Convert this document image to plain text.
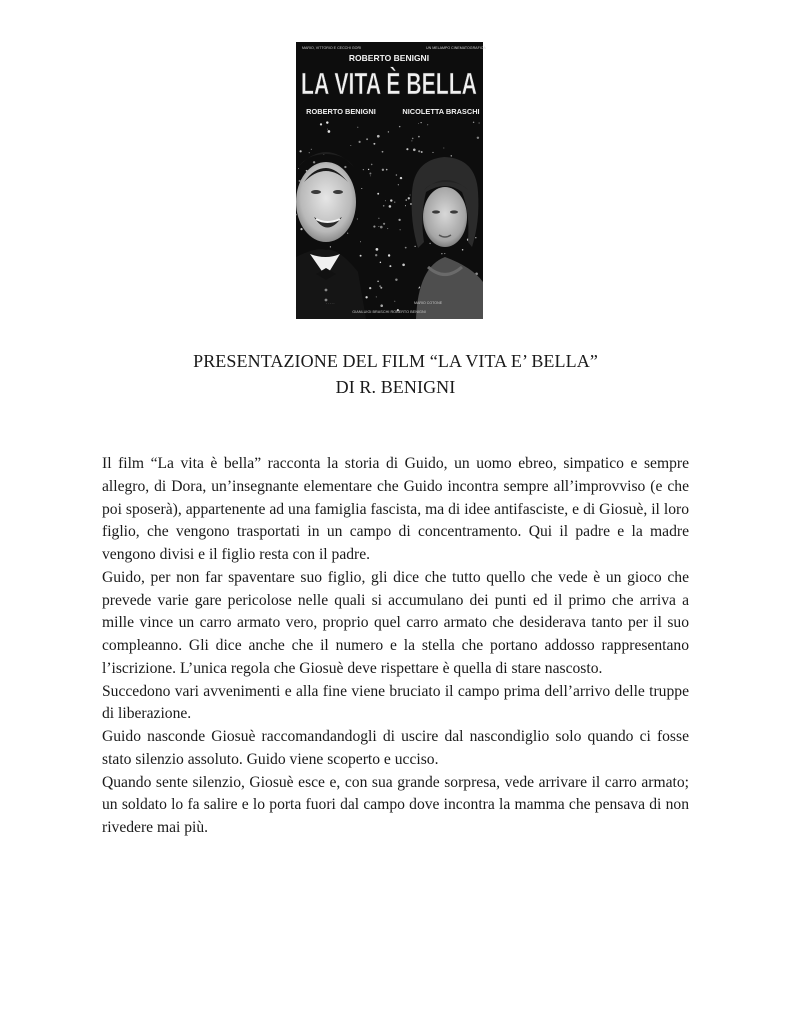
MARIO, VITTORIO E CECCHI GORI	UN MELAMPO CINEMATOGRAFICA
ROBERTO BENIGNI
LA VITA È BELLA
ROBERTO BENIGNI	NICOLETTA BRASCHI
. . . . .	MARIO COTONE
GIANLUIGI BRASCHI ROBERTO BENIGNI
PRESENTAZIONE DEL FILM “LA VITA E’ BELLA”
DI R. BENIGNI

Il film “La vita è bella” racconta la storia di Guido, un uomo ebreo, simpatico e sempre allegro, di Dora, un’insegnante elementare che Guido incontra sempre all’improvviso (e che poi sposerà), appartenente ad una famiglia fascista, ma di idee antifasciste, e di Giosuè, il loro figlio, che vengono trasportati in un campo di concentramento. Qui il padre e la madre vengono divisi e il figlio resta con il padre.

Guido, per non far spaventare suo figlio, gli dice che tutto quello che vede è un gioco che prevede varie gare pericolose nelle quali si accumulano dei punti ed il primo che arriva a mille vince un carro armato vero, proprio quel carro armato che desiderava tanto per il suo compleanno. Gli dice anche che il numero e la stella che portano addosso rappresentano l’iscrizione. L’unica regola che Giosuè deve rispettare è quella di stare nascosto.

Succedono vari avvenimenti e alla fine viene bruciato il campo prima dell’arrivo delle truppe di liberazione.

Guido nasconde Giosuè raccomandandogli di uscire dal nascondiglio solo quando ci fosse stato silenzio assoluto. Guido viene scoperto e ucciso.

Quando sente silenzio, Giosuè esce e, con sua grande sorpresa, vede arrivare il carro armato; un soldato lo fa salire e lo porta fuori dal campo dove incontra la mamma che pensava di non rivedere mai più.
